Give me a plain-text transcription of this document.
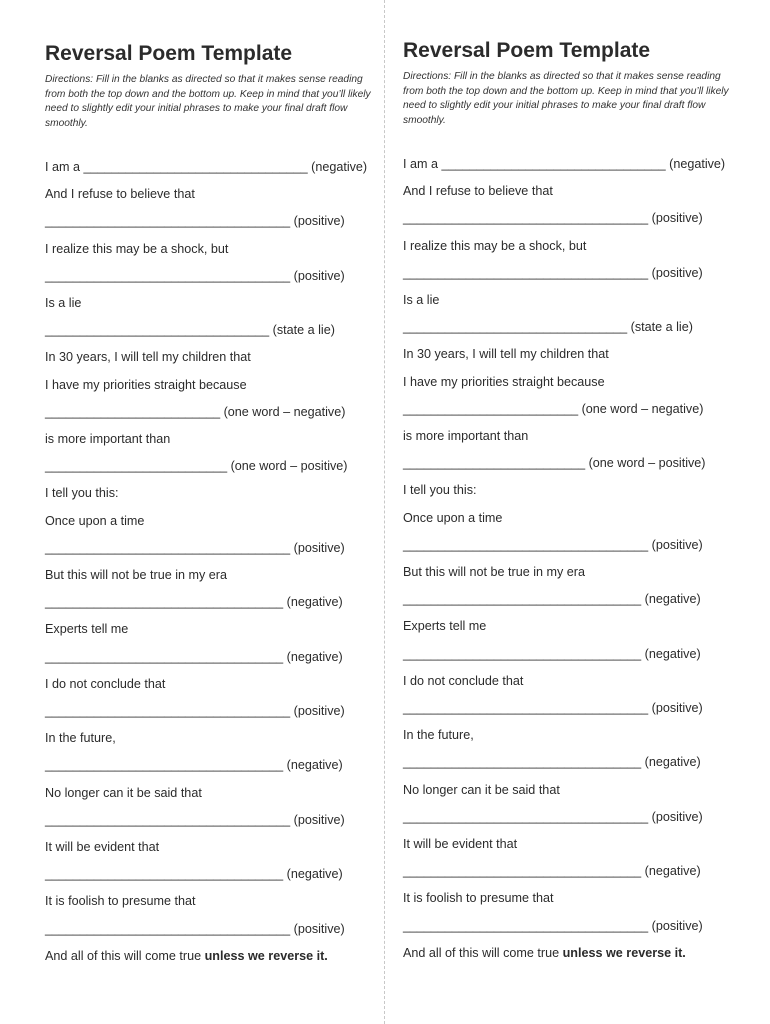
Reversal Poem Template
Directions: Fill in the blanks as directed so that it makes sense reading from both the top down and the bottom up. Keep in mind that you’ll likely need to slightly edit your initial phrases to make your final draft flow smoothly.
I am a ________________________________ (negative)
And I refuse to believe that
___________________________________ (positive)
I realize this may be a shock, but
___________________________________ (positive)
Is a lie
________________________________ (state a lie)
In 30 years, I will tell my children that
I have my priorities straight because
_________________________ (one word – negative)
is more important than
__________________________ (one word – positive)
I tell you this:
Once upon a time
___________________________________ (positive)
But this will not be true in my era
__________________________________ (negative)
Experts tell me
__________________________________ (negative)
I do not conclude that
___________________________________ (positive)
In the future,
__________________________________ (negative)
No longer can it be said that
___________________________________ (positive)
It will be evident that
__________________________________ (negative)
It is foolish to presume that
___________________________________ (positive)
And all of this will come true unless we reverse it.
Reversal Poem Template
Directions: Fill in the blanks as directed so that it makes sense reading from both the top down and the bottom up. Keep in mind that you’ll likely need to slightly edit your initial phrases to make your final draft flow smoothly.
I am a ________________________________ (negative)
And I refuse to believe that
___________________________________ (positive)
I realize this may be a shock, but
___________________________________ (positive)
Is a lie
________________________________ (state a lie)
In 30 years, I will tell my children that
I have my priorities straight because
_________________________ (one word – negative)
is more important than
__________________________ (one word – positive)
I tell you this:
Once upon a time
___________________________________ (positive)
But this will not be true in my era
__________________________________ (negative)
Experts tell me
__________________________________ (negative)
I do not conclude that
___________________________________ (positive)
In the future,
__________________________________ (negative)
No longer can it be said that
___________________________________ (positive)
It will be evident that
__________________________________ (negative)
It is foolish to presume that
___________________________________ (positive)
And all of this will come true unless we reverse it.
